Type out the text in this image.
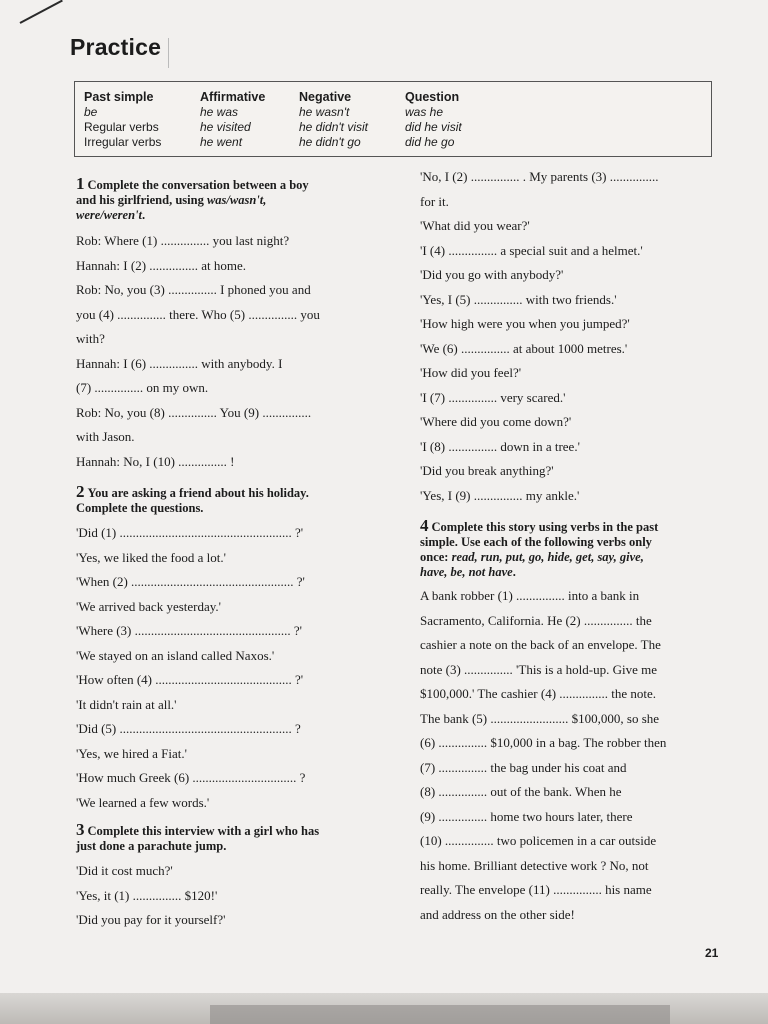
Practice
Past simple
be
Regular verbs
Irregular verbs
Affirmative
he was
he visited
he went
Negative
he wasn't
he didn't visit
he didn't go
Question
was he
did he visit
did he go
1 Complete the conversation between a boy
and his girlfriend, using was/wasn't,
were/weren't.
Rob: Where (1) ............... you last night?
Hannah: I (2) ............... at home.
Rob: No, you (3) ............... I phoned you and
you (4) ............... there. Who (5) ............... you
with?
Hannah: I (6) ............... with anybody. I
(7) ............... on my own.
Rob: No, you (8) ............... You (9) ...............
with Jason.
Hannah: No, I (10) ............... !
2 You are asking a friend about his holiday.
Complete the questions.
'Did (1) ..................................................... ?'
'Yes, we liked the food a lot.'
'When (2) .................................................. ?'
'We arrived back yesterday.'
'Where (3) ................................................ ?'
'We stayed on an island called Naxos.'
'How often (4) .......................................... ?'
'It didn't rain at all.'
'Did (5) ..................................................... ?
'Yes, we hired a Fiat.'
'How much Greek (6) ................................ ?
'We learned a few words.'
3 Complete this interview with a girl who has
just done a parachute jump.
'Did it cost much?'
'Yes, it (1) ............... $120!'
'Did you pay for it yourself?'
'No, I (2) ............... . My parents (3) ...............
for it.
'What did you wear?'
'I (4) ............... a special suit and a helmet.'
'Did you go with anybody?'
'Yes, I (5) ............... with two friends.'
'How high were you when you jumped?'
'We (6) ............... at about 1000 metres.'
'How did you feel?'
'I (7) ............... very scared.'
'Where did you come down?'
'I (8) ............... down in a tree.'
'Did you break anything?'
'Yes, I (9) ............... my ankle.'
4 Complete this story using verbs in the past
simple. Use each of the following verbs only
once: read, run, put, go, hide, get, say, give,
have, be, not have.
A bank robber (1) ............... into a bank in
Sacramento, California. He (2) ............... the
cashier a note on the back of an envelope. The
note (3) ............... 'This is a hold-up. Give me
$100,000.' The cashier (4) ............... the note.
The bank (5) ........................ $100,000, so she
(6) ............... $10,000 in a bag. The robber then
(7) ............... the bag under his coat and
(8) ............... out of the bank. When he
(9) ............... home two hours later, there
(10) ............... two policemen in a car outside
his home. Brilliant detective work ? No, not
really. The envelope (11) ............... his name
and address on the other side!
21
